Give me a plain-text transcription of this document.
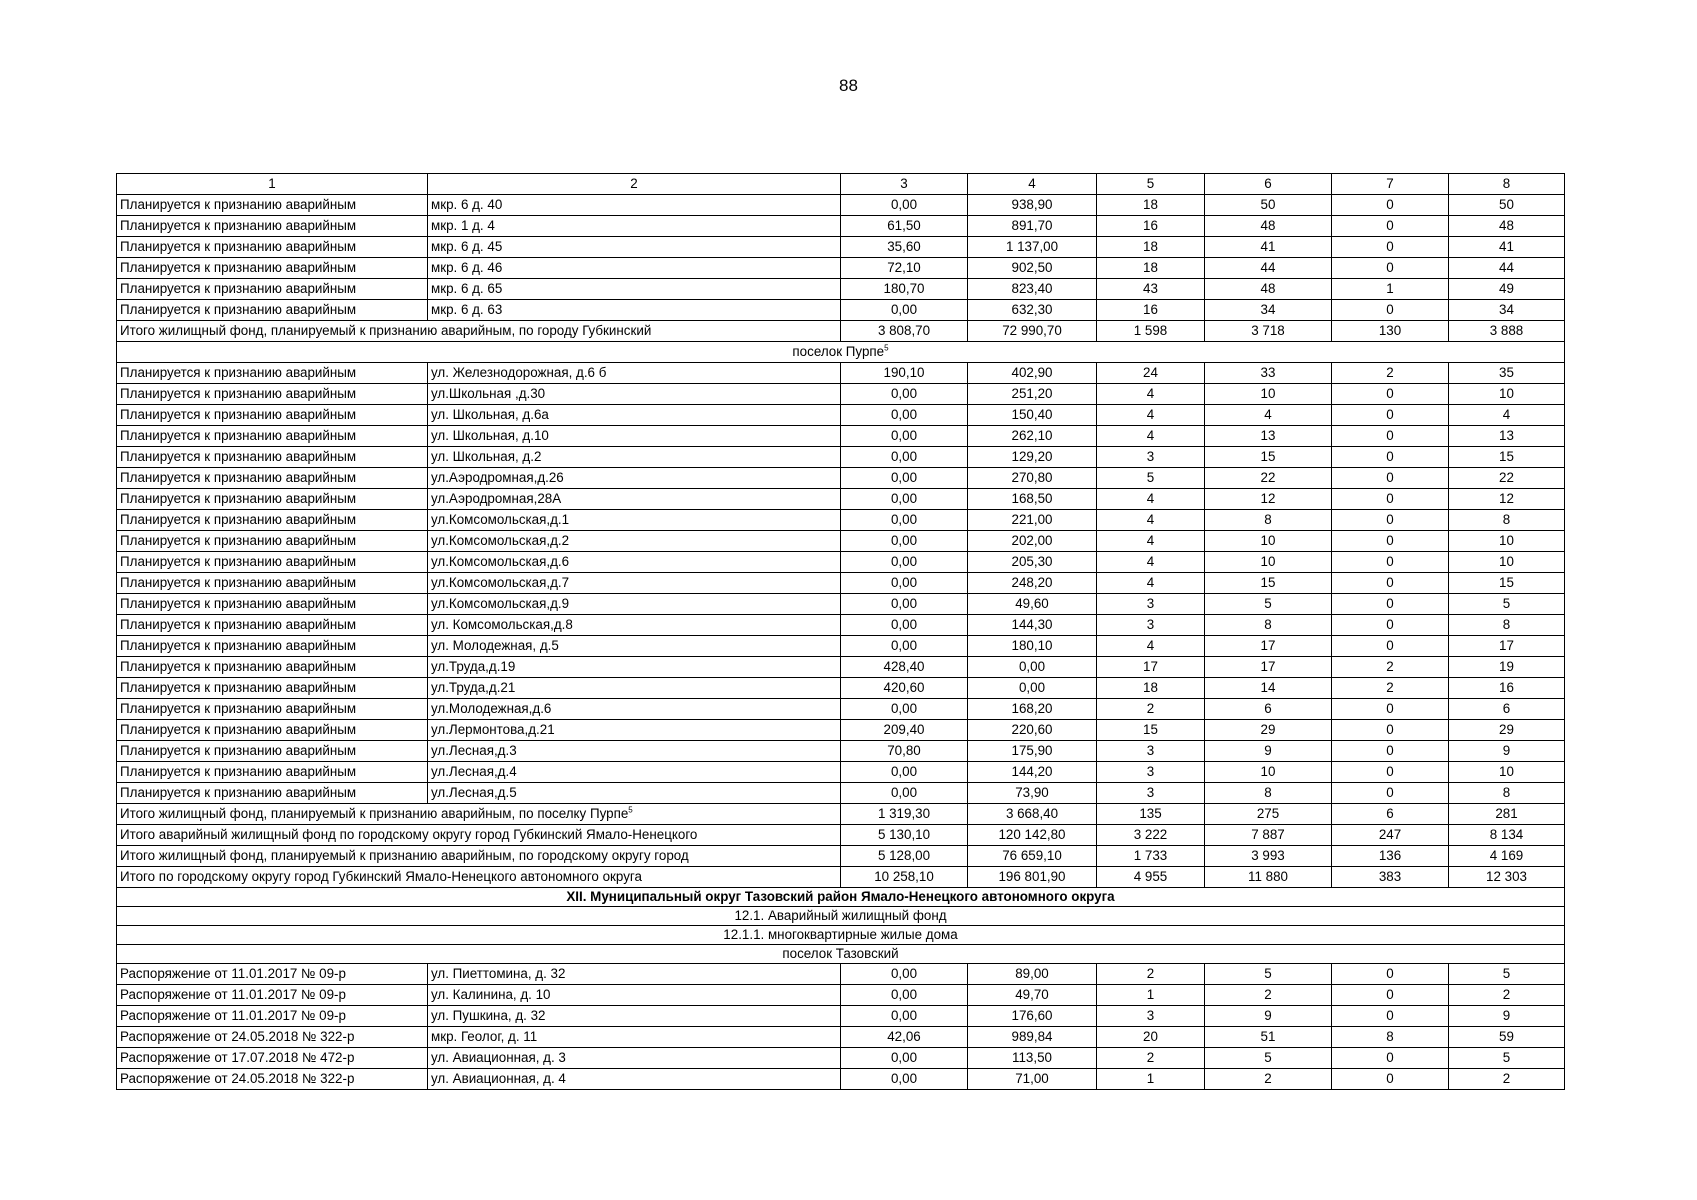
88
1	2	3	4	5	6	7	8
Планируется к признанию аварийным	мкр. 6 д. 40	0,00	938,90	18	50	0	50
Планируется к признанию аварийным	мкр. 1 д. 4	61,50	891,70	16	48	0	48
Планируется к признанию аварийным	мкр. 6 д. 45	35,60	1 137,00	18	41	0	41
Планируется к признанию аварийным	мкр. 6 д. 46	72,10	902,50	18	44	0	44
Планируется к признанию аварийным	мкр. 6 д. 65	180,70	823,40	43	48	1	49
Планируется к признанию аварийным	мкр. 6 д. 63	0,00	632,30	16	34	0	34
Итого жилищный фонд, планируемый к признанию аварийным, по городу Губкинский		3 808,70	72 990,70	1 598	3 718	130	3 888
поселок Пурпе$^5$
Планируется к признанию аварийным	ул. Железнодорожная, д.6 б	190,10	402,90	24	33	2	35
Планируется к признанию аварийным	ул.Школьная ,д.30	0,00	251,20	4	10	0	10
Планируется к признанию аварийным	ул. Школьная, д.6а	0,00	150,40	4	4	0	4
Планируется к признанию аварийным	ул. Школьная, д.10	0,00	262,10	4	13	0	13
Планируется к признанию аварийным	ул. Школьная, д.2	0,00	129,20	3	15	0	15
Планируется к признанию аварийным	ул.Аэродромная,д.26	0,00	270,80	5	22	0	22
Планируется к признанию аварийным	ул.Аэродромная,28А	0,00	168,50	4	12	0	12
Планируется к признанию аварийным	ул.Комсомольская,д.1	0,00	221,00	4	8	0	8
Планируется к признанию аварийным	ул.Комсомольская,д.2	0,00	202,00	4	10	0	10
Планируется к признанию аварийным	ул.Комсомольская,д.6	0,00	205,30	4	10	0	10
Планируется к признанию аварийным	ул.Комсомольская,д.7	0,00	248,20	4	15	0	15
Планируется к признанию аварийным	ул.Комсомольская,д.9	0,00	49,60	3	5	0	5
Планируется к признанию аварийным	ул. Комсомольская,д.8	0,00	144,30	3	8	0	8
Планируется к признанию аварийным	ул. Молодежная, д.5	0,00	180,10	4	17	0	17
Планируется к признанию аварийным	ул.Труда,д.19	428,40	0,00	17	17	2	19
Планируется к признанию аварийным	ул.Труда,д.21	420,60	0,00	18	14	2	16
Планируется к признанию аварийным	ул.Молодежная,д.6	0,00	168,20	2	6	0	6
Планируется к признанию аварийным	ул.Лермонтова,д.21	209,40	220,60	15	29	0	29
Планируется к признанию аварийным	ул.Лесная,д.3	70,80	175,90	3	9	0	9
Планируется к признанию аварийным	ул.Лесная,д.4	0,00	144,20	3	10	0	10
Планируется к признанию аварийным	ул.Лесная,д.5	0,00	73,90	3	8	0	8
Итого жилищный фонд, планируемый к признанию аварийным, по поселку Пурпе$^5$		1 319,30	3 668,40	135	275	6	281
Итого аварийный жилищный фонд по городскому округу город Губкинский Ямало-Ненецкого		5 130,10	120 142,80	3 222	7 887	247	8 134
Итого жилищный фонд, планируемый к признанию аварийным, по городскому округу город		5 128,00	76 659,10	1 733	3 993	136	4 169
Итого по городскому округу город Губкинский Ямало-Ненецкого автономного округа		10 258,10	196 801,90	4 955	11 880	383	12 303
XII. Муниципальный округ Тазовский район Ямало-Ненецкого автономного округа							
12.1. Аварийный жилищный фонд							
12.1.1. многоквартирные жилые дома							
поселок Тазовский							
Распоряжение от 11.01.2017 № 09-р	ул. Пиеттомина, д. 32	0,00	89,00	2	5	0	5
Распоряжение от 11.01.2017 № 09-р	ул. Калинина, д. 10	0,00	49,70	1	2	0	2
Распоряжение от 11.01.2017 № 09-р	ул. Пушкина, д. 32	0,00	176,60	3	9	0	9
Распоряжение от 24.05.2018 № 322-р	мкр. Геолог, д. 11	42,06	989,84	20	51	8	59
Распоряжение от 17.07.2018 № 472-р	ул. Авиационная, д. 3	0,00	113,50	2	5	0	5
Распоряжение от 24.05.2018 № 322-р	ул. Авиационная, д. 4	0,00	71,00	1	2	0	2
